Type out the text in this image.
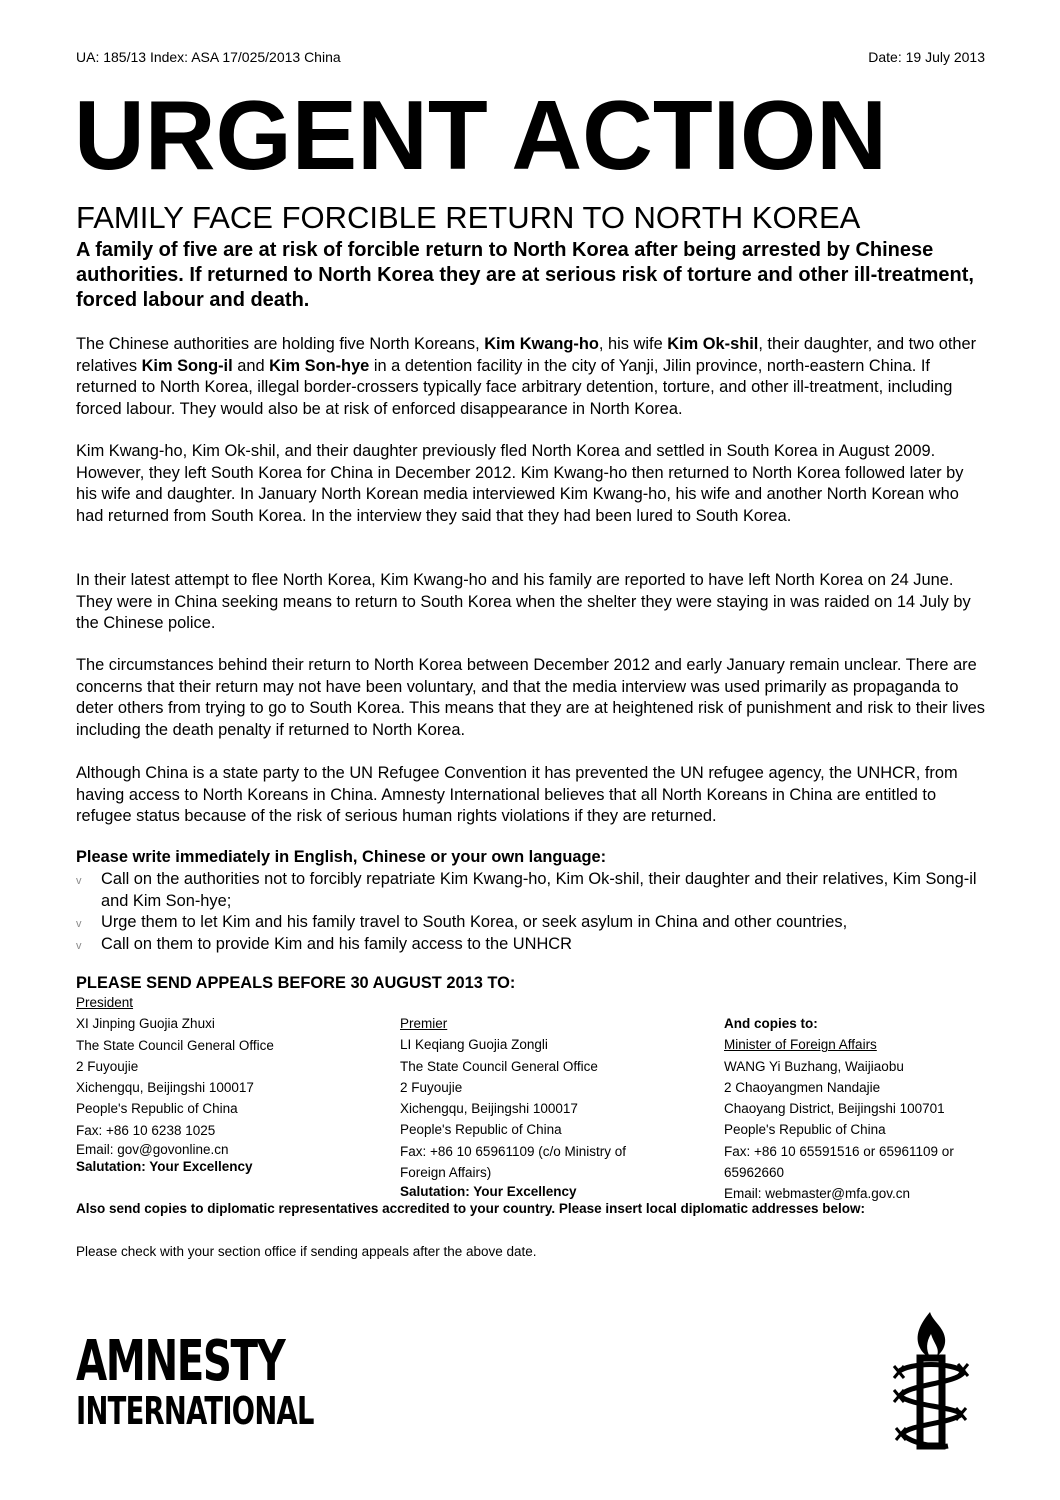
UA: 185/13 Index: ASA 17/025/2013 China	Date: 19 July 2013
URGENT ACTION
FAMILY FACE FORCIBLE RETURN TO NORTH KOREA
A family of five are at risk of forcible return to North Korea after being arrested by Chinese authorities. If returned to North Korea they are at serious risk of torture and other ill-treatment, forced labour and death.

The Chinese authorities are holding five North Koreans, Kim Kwang-ho, his wife Kim Ok-shil, their daughter, and two other relatives Kim Song-il and Kim Son-hye in a detention facility in the city of Yanji, Jilin province, north-eastern China. If returned to North Korea, illegal border-crossers typically face arbitrary detention, torture, and other ill-treatment, including forced labour. They would also be at risk of enforced disappearance in North Korea.

Kim Kwang-ho, Kim Ok-shil, and their daughter previously fled North Korea and settled in South Korea in August 2009. However, they left South Korea for China in December 2012. Kim Kwang-ho then returned to North Korea followed later by his wife and daughter. In January North Korean media interviewed Kim Kwang-ho, his wife and another North Korean who had returned from South Korea. In the interview they said that they had been lured to South Korea.

In their latest attempt to flee North Korea, Kim Kwang-ho and his family are reported to have left North Korea on 24 June. They were in China seeking means to return to South Korea when the shelter they were staying in was raided on 14 July by the Chinese police.

The circumstances behind their return to North Korea between December 2012 and early January remain unclear. There are concerns that their return may not have been voluntary, and that the media interview was used primarily as propaganda to deter others from trying to go to South Korea. This means that they are at heightened risk of punishment and risk to their lives including the death penalty if returned to North Korea.

Although China is a state party to the UN Refugee Convention it has prevented the UN refugee agency, the UNHCR, from having access to North Koreans in China. Amnesty International believes that all North Koreans in China are entitled to refugee status because of the risk of serious human rights violations if they are returned.

Please write immediately in English, Chinese or your own language:
v Call on the authorities not to forcibly repatriate Kim Kwang-ho, Kim Ok-shil, their daughter and their relatives, Kim Song-il and Kim Son-hye;
v Urge them to let Kim and his family travel to South Korea, or seek asylum in China and other countries,
v Call on them to provide Kim and his family access to the UNHCR
PLEASE SEND APPEALS BEFORE 30 AUGUST 2013 TO:
President
XI Jinping Guojia Zhuxi
The State Council General Office
2 Fuyoujie
Xichengqu, Beijingshi 100017
People's Republic of China
Fax: +86 10 6238 1025
Email: gov@govonline.cn
Salutation: Your Excellency
Premier
LI Keqiang Guojia Zongli
The State Council General Office
2 Fuyoujie
Xichengqu, Beijingshi 100017
People's Republic of China
Fax: +86 10 65961109 (c/o Ministry of Foreign Affairs)
Salutation: Your Excellency
And copies to:
Minister of Foreign Affairs
WANG Yi Buzhang, Waijiaobu
2 Chaoyangmen Nandajie
Chaoyang District, Beijingshi 100701
People's Republic of China
Fax: +86 10 65591516 or 65961109 or 65962660
Email: webmaster@mfa.gov.cn
Also send copies to diplomatic representatives accredited to your country. Please insert local diplomatic addresses below:
Please check with your section office if sending appeals after the above date.
AMNESTY
INTERNATIONAL
